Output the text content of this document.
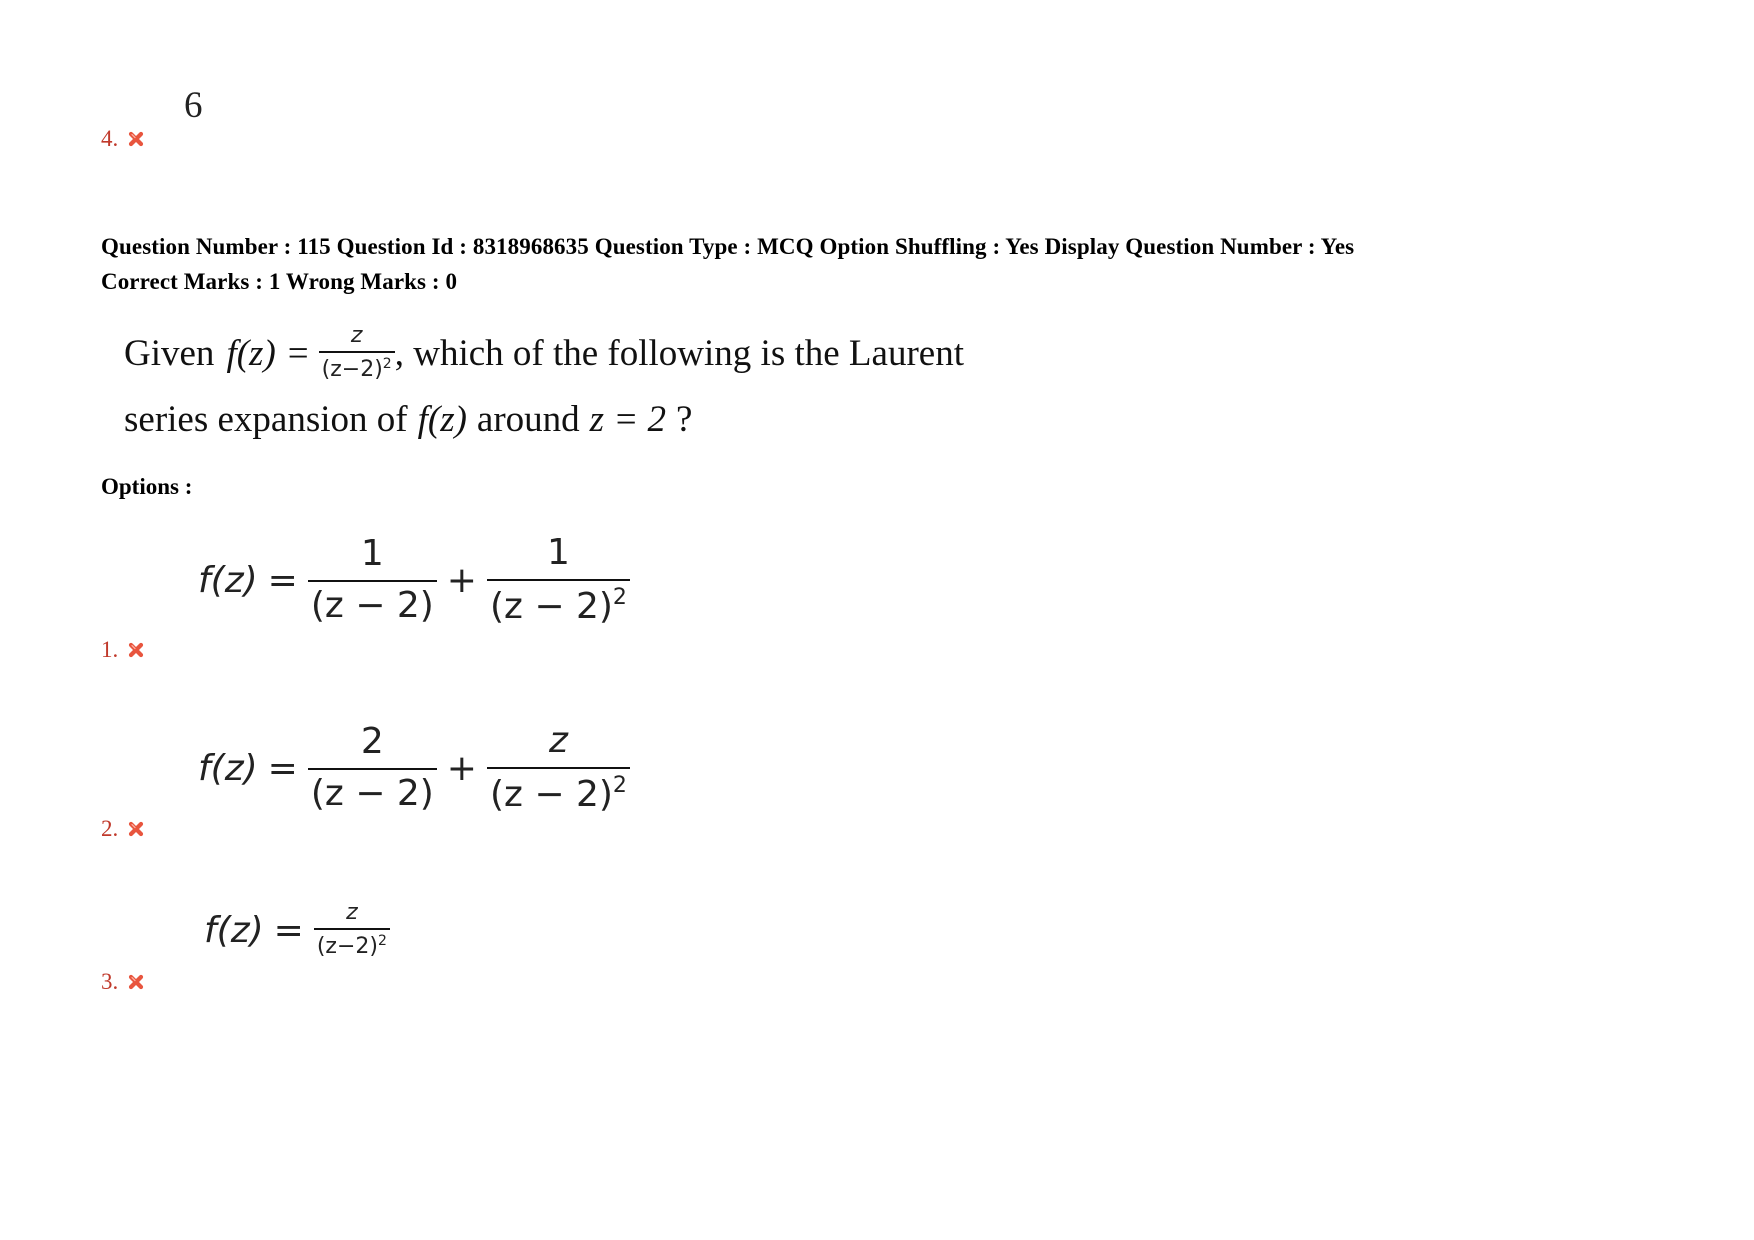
6
4.
Question Number : 115 Question Id : 8318968635 Question Type : MCQ Option Shuffling : Yes Display Question Number : Yes
Correct Marks : 1 Wrong Marks : 0
Given $f(z) = \frac{z}{(z-2)^2}$ , which of the following is the Laurent
series expansion of f(z) around z = 2 ?
Options :
$f(z) = \frac{1}{(z - 2)} + \frac{1}{(z - 2)^2}$
1.
$f(z) = \frac{2}{(z - 2)} + \frac{z}{(z - 2)^2}$
2.
$f(z) = \frac{z}{(z-2)^2}$
3.
